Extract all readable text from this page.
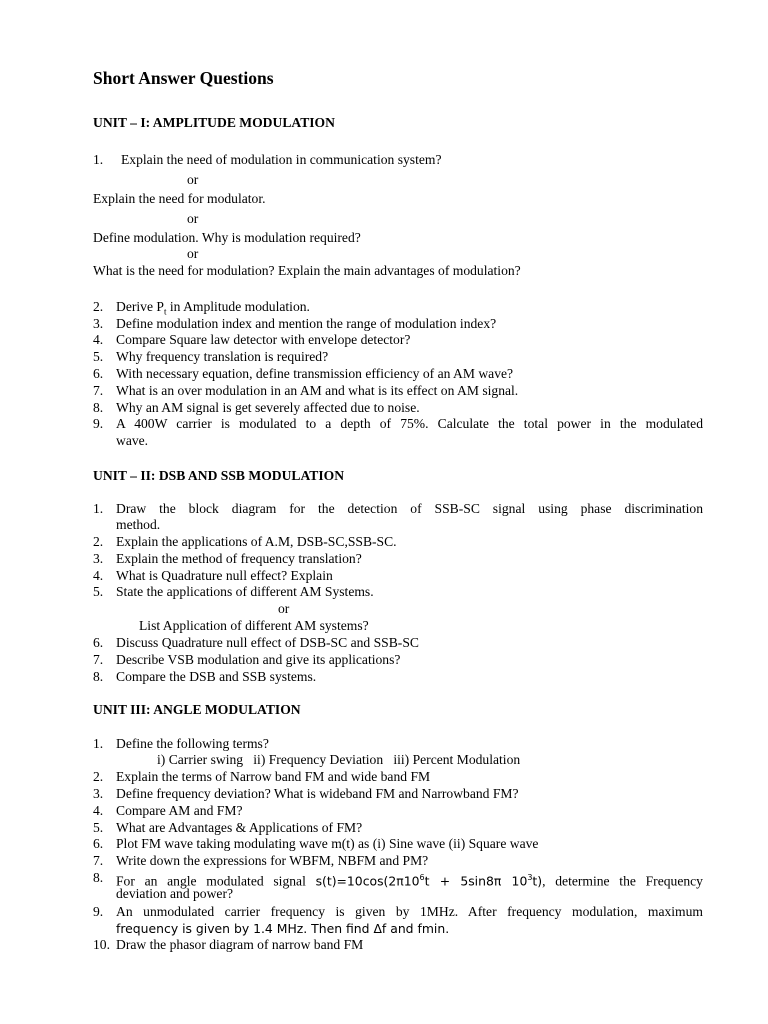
Short Answer Questions
UNIT – I: AMPLITUDE MODULATION
1. Explain the need of modulation in communication system?
or
Explain the need for modulator.
or
Define modulation. Why is modulation required?
or
What is the need for modulation? Explain the main advantages of modulation?
2. Derive $P_t$ in Amplitude modulation.
3. Define modulation index and mention the range of modulation index?
4. Compare Square law detector with envelope detector?
5. Why frequency translation is required?
6. With necessary equation, define transmission efficiency of an AM wave?
7. What is an over modulation in an AM and what is its effect on AM signal.
8. Why an AM signal is get severely affected due to noise.
9. A 400W carrier is modulated to a depth of 75%. Calculate the total power in the modulated
wave.
UNIT – II: DSB AND SSB MODULATION
1. Draw the block diagram for the detection of SSB-SC signal using phase discrimination
method.
2. Explain the applications of A.M, DSB-SC,SSB-SC.
3. Explain the method of frequency translation?
4. What is Quadrature null effect? Explain
5. State the applications of different AM Systems.
or
List Application of different AM systems?
6. Discuss Quadrature null effect of DSB-SC and SSB-SC
7. Describe VSB modulation and give its applications?
8. Compare the DSB and SSB systems.
UNIT III: ANGLE MODULATION
1. Define the following terms?
i) Carrier swing   ii) Frequency Deviation   iii) Percent Modulation
2. Explain the terms of Narrow band FM and wide band FM
3. Define frequency deviation? What is wideband FM and Narrowband FM?
4. Compare AM and FM?
5. What are Advantages & Applications of FM?
6. Plot FM wave taking modulating wave m(t) as (i) Sine wave (ii) Square wave
7. Write down the expressions for WBFM, NBFM and PM?
8. For an angle modulated signal $s(t)=10\cos(2\pi 10^6t + 5\sin 8\pi$ $10^3t$), determine the Frequency
deviation and power?
9. An unmodulated carrier frequency is given by 1MHz. After frequency modulation, maximum
frequency is given by 1.4 MHz. Then find Δf and fmin.
10. Draw the phasor diagram of narrow band FM
